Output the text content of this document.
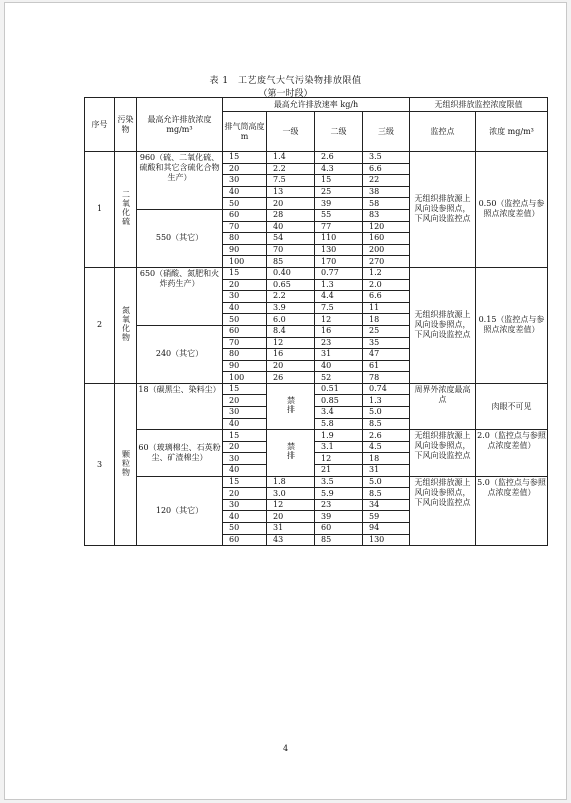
表 1　工艺废气大气污染物排放限值
（第一时段）
序号	污染物	最高允许排放浓度 mg/m³	最高允许排放速率 kg/h				无组织排放监控浓度限值	
			排气筒高度 m	一级	二级	三级	监控点	浓度 mg/m³
1	二氧化硫	960（硫、二氧化硫、硫酸和其它含硫化合物生产）	15	1.4	2.6	3.5	无组织排放源上风向设参照点，下风向设监控点	0.50（监控点与参照点浓度差值）
			20	2.2	4.3	6.6		
			30	7.5	15	22		
			40	13	25	38		
			50	20	39	58		
		550（其它）	60	28	55	83		
			70	40	77	120		
			80	54	110	160		
			90	70	130	200		
			100	85	170	270		
2	氮氧化物	650（硝酸、氮肥和火炸药生产）	15	0.40	0.77	1.2	无组织排放源上风向设参照点，下风向设监控点	0.15（监控点与参照点浓度差值）
			20	0.65	1.3	2.0		
			30	2.2	4.4	6.6		
			40	3.9	7.5	11		
			50	6.0	12	18		
		240（其它）	60	8.4	16	25		
			70	12	23	35		
			80	16	31	47		
			90	20	40	61		
			100	26	52	78		
3	颗粒物	18（碳黑尘、染料尘）	15	禁排	0.51	0.74	周界外浓度最高点	肉眼不可见
			20		0.85	1.3		
			30		3.4	5.0		
			40		5.8	8.5		
		60（玻璃棉尘、石英粉尘、矿渣棉尘）	15	禁排	1.9	2.6	无组织排放源上风向设参照点，下风向设监控点	2.0（监控点与参照点浓度差值）
			20		3.1	4.5		
			30		12	18		
			40		21	31		
		120（其它）	15	1.8	3.5	5.0	无组织排放源上风向设参照点，下风向设监控点	5.0（监控点与参照点浓度差值）
			20	3.0	5.9	8.5		
			30	12	23	34		
			40	20	39	59		
			50	31	60	94		
			60	43	85	130		
4
